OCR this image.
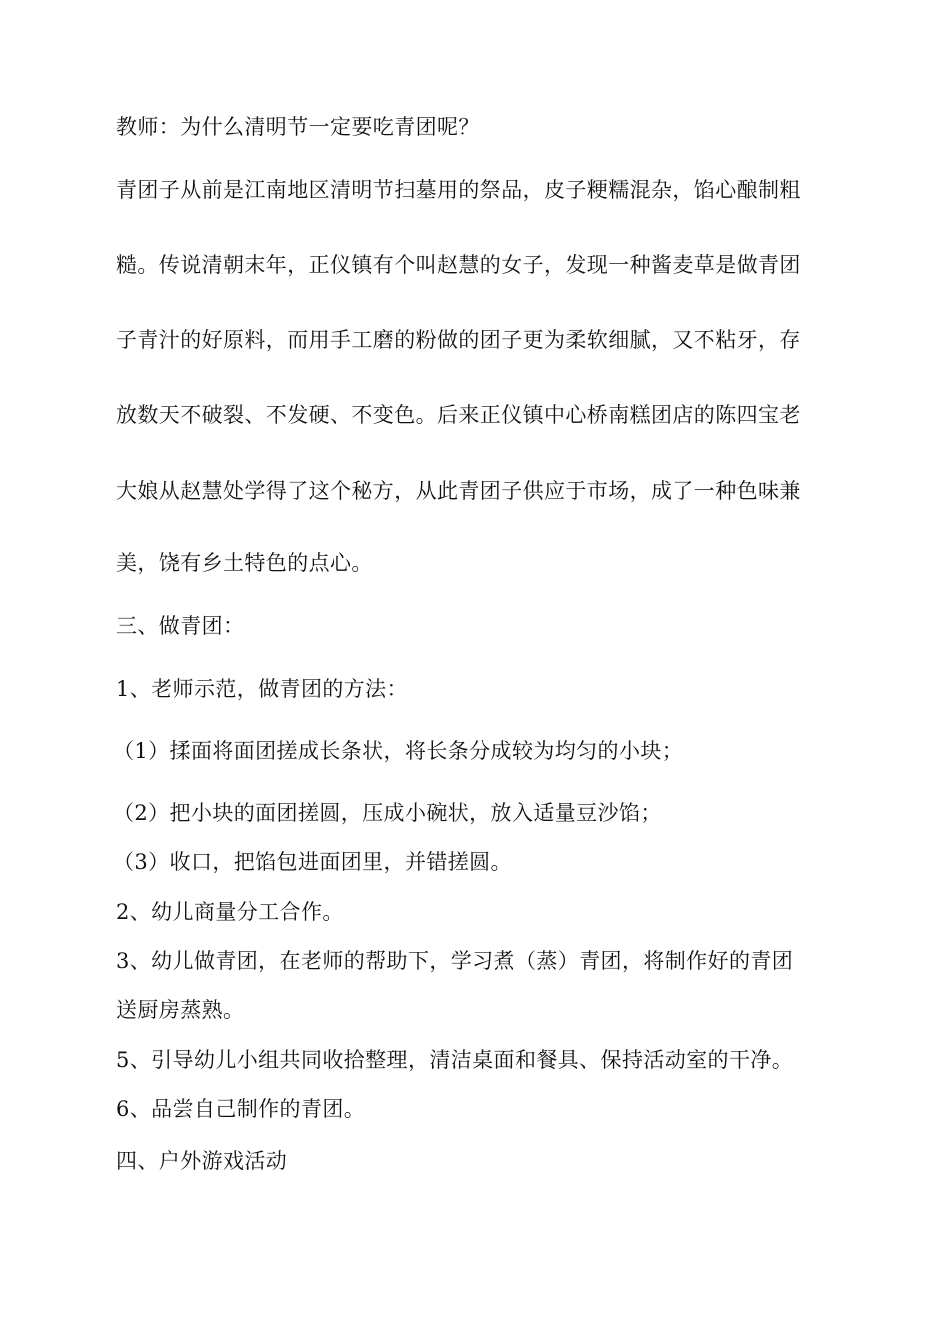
教师：为什么清明节一定要吃青团呢？
青团子从前是江南地区清明节扫墓用的祭品，皮子粳糯混杂，馅心酿制粗
糙。传说清朝末年，正仪镇有个叫赵慧的女子，发现一种酱麦草是做青团
子青汁的好原料，而用手工磨的粉做的团子更为柔软细腻，又不粘牙，存
放数天不破裂、不发硬、不变色。后来正仪镇中心桥南糕团店的陈四宝老
大娘从赵慧处学得了这个秘方，从此青团子供应于市场，成了一种色味兼
美，饶有乡土特色的点心。
三、做青团：
1、老师示范，做青团的方法：
（1）揉面将面团搓成长条状，将长条分成较为均匀的小块；
（2）把小块的面团搓圆，压成小碗状，放入适量豆沙馅；
（3）收口，把馅包进面团里，并错搓圆。
2、幼儿商量分工合作。
3、幼儿做青团，在老师的帮助下，学习煮（蒸）青团，将制作好的青团
送厨房蒸熟。
5、引导幼儿小组共同收拾整理，清洁桌面和餐具、保持活动室的干净。
6、品尝自己制作的青团。
四、户外游戏活动
